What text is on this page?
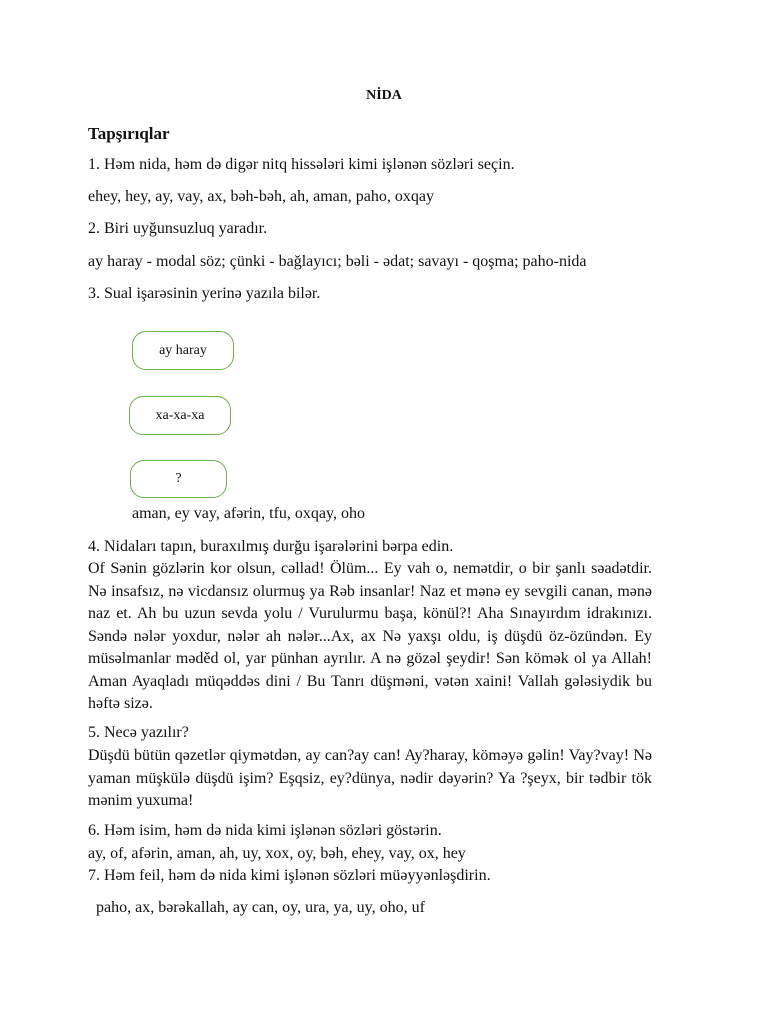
NİDA
Tapşırıqlar
1. Həm nida, həm də digər nitq hissələri kimi işlənən sözləri seçin.
ehey, hey, ay, vay, ax, bəh-bəh, ah, aman, paho, oxqay
2. Biri uyğunsuzluq yaradır.
ay haray - modal söz; çünki - bağlayıcı; bəli - ədat; savayı - qoşma; paho-nida
3. Sual işarəsinin yerinə yazıla bilər.
ay haray
xa-xa-xa
?
aman, ey vay, afərin, tfu, oxqay, oho
4. Nidaları tapın, buraxılmış durğu işarələrini bərpa edin.
Of Sənin gözlərin kor olsun, cəllad! Ölüm... Ey vah o, nemətdir, o bir şanlı səadətdir. Nə insafsız, nə vicdansız olurmuş ya Rəb insanlar! Naz et mənə ey sevgili canan, mənə naz et. Ah bu uzun sevda yolu / Vurulurmu başa, könül?! Aha Sınayırdım idrakınızı. Səndə nələr yoxdur, nələr ah nələr...Ax, ax Nə yaxşı oldu, iş düşdü öz-özündən. Ey müsəlmanlar məděd ol, yar pünhan ayrılır. A nə gözəl şeydir! Sən kömək ol ya Allah! Aman Ayaqladı müqəddəs dini / Bu Tanrı düşməni, vətən xaini! Vallah gələsiydik bu həftə sizə.
5. Necə yazılır?
Düşdü bütün qəzetlər qiymətdən, ay can?ay can! Ay?haray, köməyə gəlin! Vay?vay! Nə yaman müşkülə düşdü işim? Eşqsiz, ey?dünya, nədir dəyərin? Ya ?şeyx, bir tədbir tök mənim yuxuma!
6. Həm isim, həm də nida kimi işlənən sözləri göstərin.
ay, of, afərin, aman, ah, uy, xox, oy, bəh, ehey, vay, ox, hey
7. Həm feil, həm də nida kimi işlənən sözləri müəyyənləşdirin.
paho, ax, bərəkallah, ay can, oy, ura, ya, uy, oho, uf
